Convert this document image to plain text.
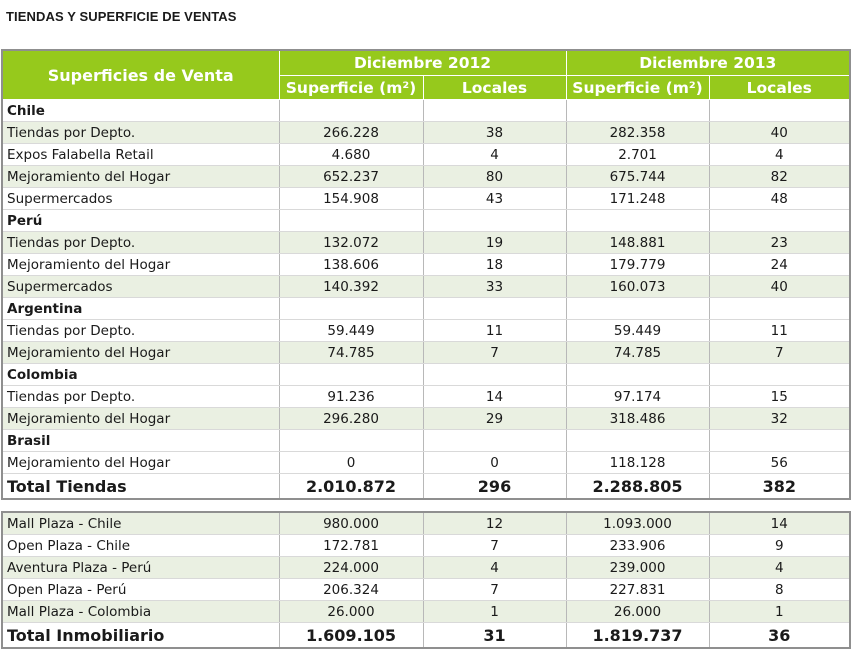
TIENDAS Y SUPERFICIE DE VENTAS
Superficies de Venta	Diciembre 2012		Diciembre 2013	
	Superficie (m²)	Locales	Superficie (m²)	Locales
Chile				
Tiendas por Depto.	266.228	38	282.358	40
Expos Falabella Retail	4.680	4	2.701	4
Mejoramiento del Hogar	652.237	80	675.744	82
Supermercados	154.908	43	171.248	48
Perú				
Tiendas por Depto.	132.072	19	148.881	23
Mejoramiento del Hogar	138.606	18	179.779	24
Supermercados	140.392	33	160.073	40
Argentina				
Tiendas por Depto.	59.449	11	59.449	11
Mejoramiento del Hogar	74.785	7	74.785	7
Colombia				
Tiendas por Depto.	91.236	14	97.174	15
Mejoramiento del Hogar	296.280	29	318.486	32
Brasil				
Mejoramiento del Hogar	0	0	118.128	56
Total Tiendas	2.010.872	296	2.288.805	382
Mall Plaza - Chile	980.000	12	1.093.000	14
Open Plaza - Chile	172.781	7	233.906	9
Aventura Plaza - Perú	224.000	4	239.000	4
Open Plaza - Perú	206.324	7	227.831	8
Mall Plaza - Colombia	26.000	1	26.000	1
Total Inmobiliario	1.609.105	31	1.819.737	36
